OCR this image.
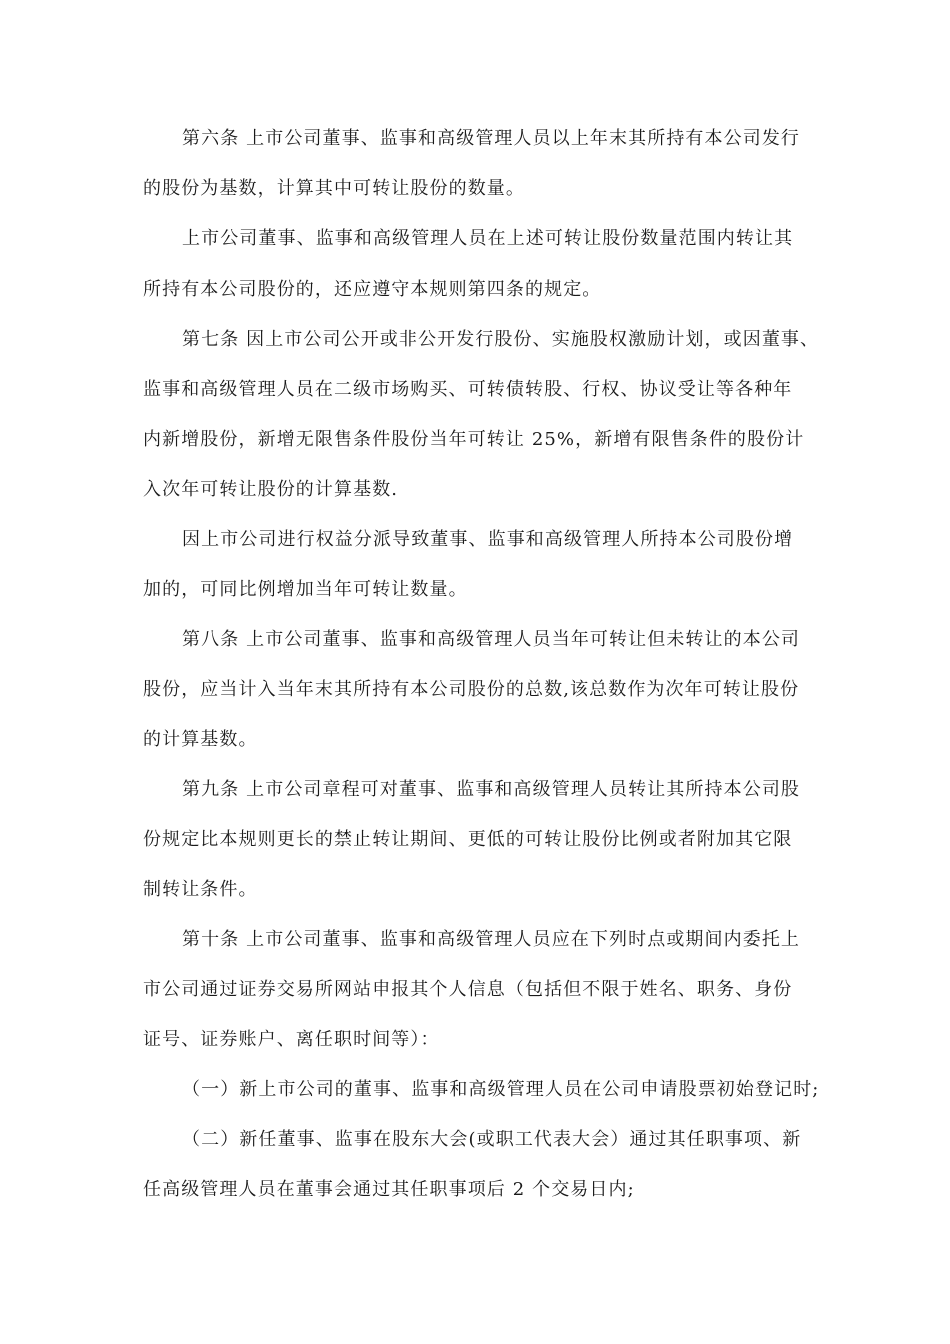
第六条 上市公司董事、监事和高级管理人员以上年末其所持有本公司发行
的股份为基数，计算其中可转让股份的数量。
上市公司董事、监事和高级管理人员在上述可转让股份数量范围内转让其
所持有本公司股份的，还应遵守本规则第四条的规定。
第七条 因上市公司公开或非公开发行股份、实施股权激励计划，或因董事、
监事和高级管理人员在二级市场购买、可转债转股、行权、协议受让等各种年
内新增股份，新增无限售条件股份当年可转让 25%，新增有限售条件的股份计
入次年可转让股份的计算基数.
因上市公司进行权益分派导致董事、监事和高级管理人所持本公司股份增
加的，可同比例增加当年可转让数量。
第八条 上市公司董事、监事和高级管理人员当年可转让但未转让的本公司
股份，应当计入当年末其所持有本公司股份的总数,该总数作为次年可转让股份
的计算基数。
第九条 上市公司章程可对董事、监事和高级管理人员转让其所持本公司股
份规定比本规则更长的禁止转让期间、更低的可转让股份比例或者附加其它限
制转让条件。
第十条 上市公司董事、监事和高级管理人员应在下列时点或期间内委托上
市公司通过证券交易所网站申报其个人信息（包括但不限于姓名、职务、身份
证号、证券账户、离任职时间等）：
（一）新上市公司的董事、监事和高级管理人员在公司申请股票初始登记时;
（二）新任董事、监事在股东大会(或职工代表大会）通过其任职事项、新
任高级管理人员在董事会通过其任职事项后 2 个交易日内;
